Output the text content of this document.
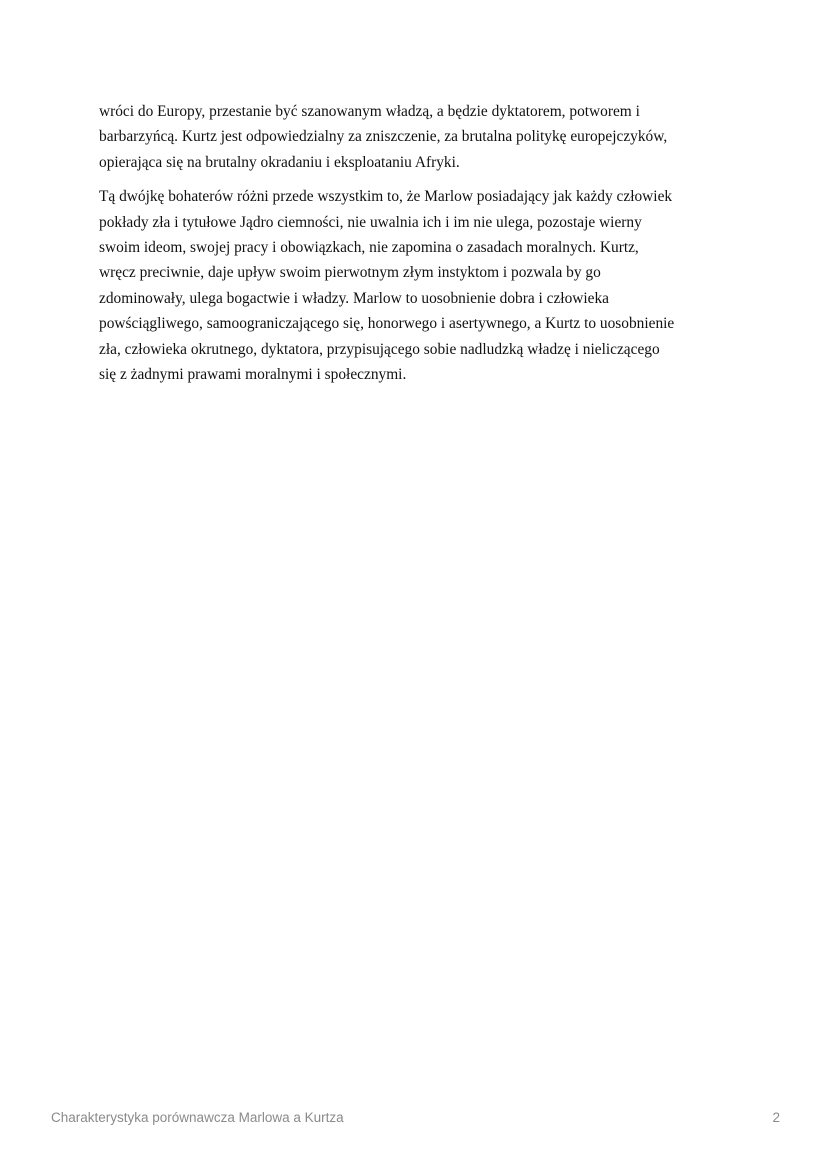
wróci do Europy, przestanie być szanowanym władzą, a będzie dyktatorem, potworem i
barbarzyńcą. Kurtz jest odpowiedzialny za zniszczenie, za brutalna politykę europejczyków,
opierająca się na brutalny okradaniu i eksploataniu Afryki.

Tą dwójkę bohaterów różni przede wszystkim to, że Marlow posiadający jak każdy człowiek
pokłady zła i tytułowe Jądro ciemności, nie uwalnia ich i im nie ulega, pozostaje wierny
swoim ideom, swojej pracy i obowiązkach, nie zapomina o zasadach moralnych. Kurtz,
wręcz preciwnie, daje upływ swoim pierwotnym złym instyktom i pozwala by go
zdominowały, ulega bogactwie i władzy. Marlow to uosobnienie dobra i człowieka
powściągliwego, samoograniczającego się, honorwego i asertywnego, a Kurtz to uosobnienie
zła, człowieka okrutnego, dyktatora, przypisującego sobie nadludzką władzę i nieliczącego
się z żadnymi prawami moralnymi i społecznymi.

Charakterystyka porównawcza Marlowa a Kurtza	2
